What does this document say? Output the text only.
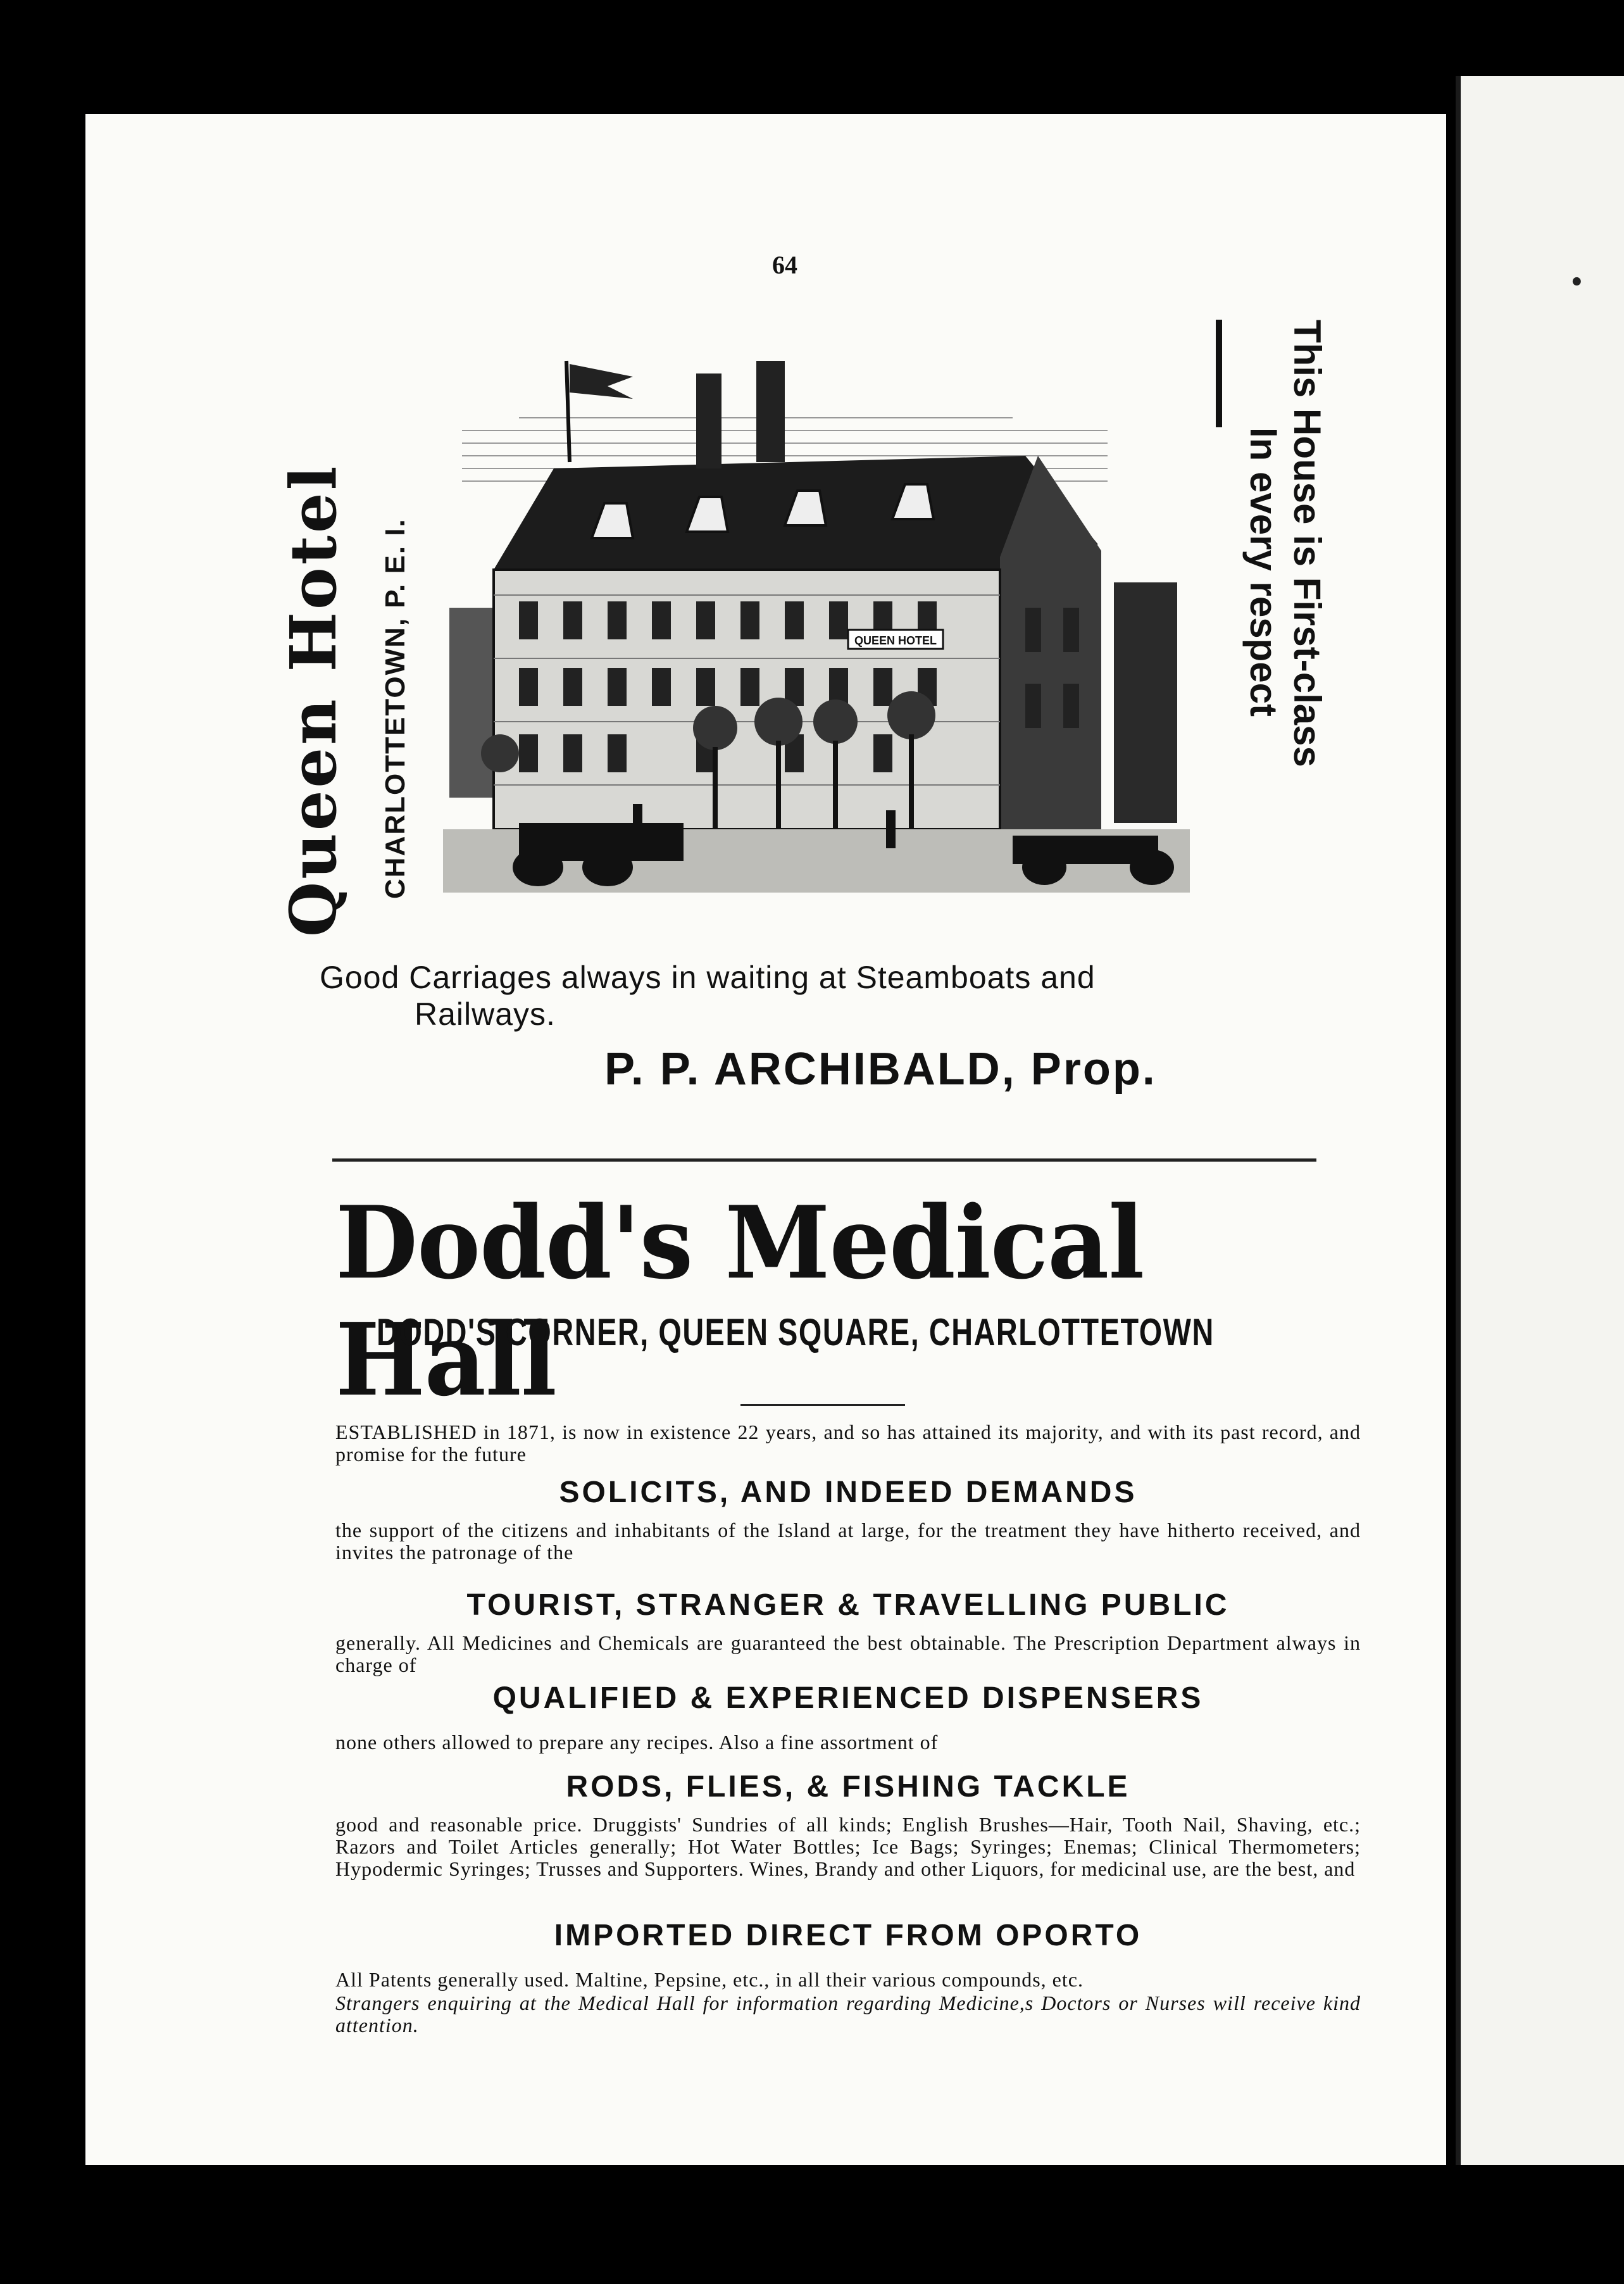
·
64
Queen Hotel CHARLOTTETOWN, P. E. I.	This House is First-class
In every respect
QUEEN HOTEL
Good Carriages always in waiting at Steamboats and
Railways.
P. P. ARCHIBALD, Prop.
Dodd's Medical Hall
DODD'S CORNER, QUEEN SQUARE, CHARLOTTETOWN
ESTABLISHED in 1871, is now in existence 22 years, and so has attained its majority, and with its past record, and promise for the future
SOLICITS, AND INDEED DEMANDS
the support of the citizens and inhabitants of the Island at large, for the treatment they have hitherto received, and invites the patronage of the
TOURIST, STRANGER & TRAVELLING PUBLIC
generally. All Medicines and Chemicals are guaranteed the best obtainable. The Prescription Department always in charge of
QUALIFIED & EXPERIENCED DISPENSERS
none others allowed to prepare any recipes. Also a fine assortment of
RODS, FLIES, & FISHING TACKLE
good and reasonable price. Druggists' Sundries of all kinds; English Brushes—Hair, Tooth Nail, Shaving, etc.; Razors and Toilet Articles generally; Hot Water Bottles; Ice Bags; Syringes; Enemas; Clinical Thermometers; Hypodermic Syringes; Trusses and Supporters. Wines, Brandy and other Liquors, for medicinal use, are the best, and
IMPORTED DIRECT FROM OPORTO
All Patents generally used. Maltine, Pepsine, etc., in all their various compounds, etc.
Strangers enquiring at the Medical Hall for information regarding Medicine,s Doctors or Nurses will receive kind attention.
